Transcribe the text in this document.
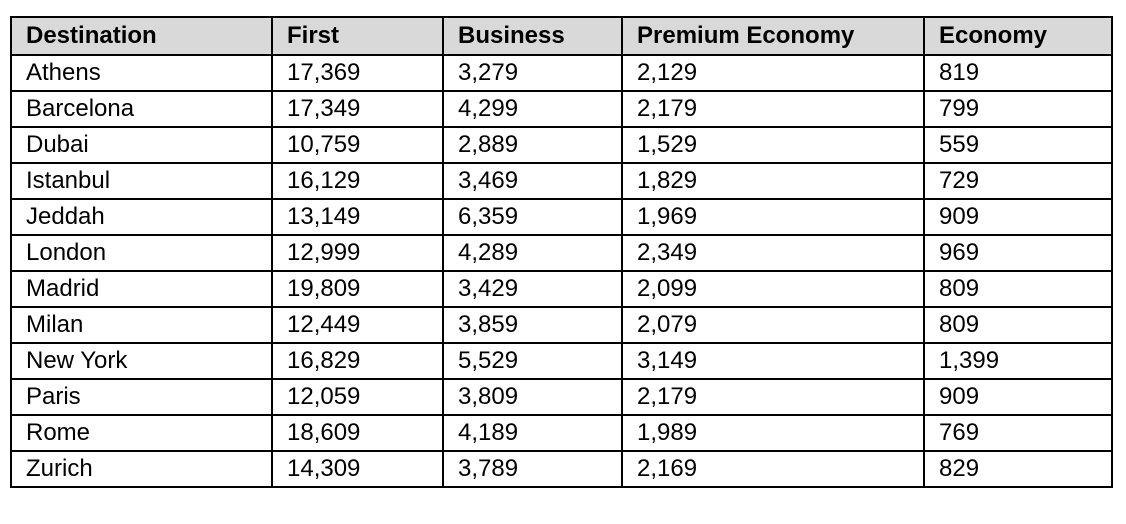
Destination	First	Business	Premium Economy	Economy
Athens	17,369	3,279	2,129	819
Barcelona	17,349	4,299	2,179	799
Dubai	10,759	2,889	1,529	559
Istanbul	16,129	3,469	1,829	729
Jeddah	13,149	6,359	1,969	909
London	12,999	4,289	2,349	969
Madrid	19,809	3,429	2,099	809
Milan	12,449	3,859	2,079	809
New York	16,829	5,529	3,149	1,399
Paris	12,059	3,809	2,179	909
Rome	18,609	4,189	1,989	769
Zurich	14,309	3,789	2,169	829
